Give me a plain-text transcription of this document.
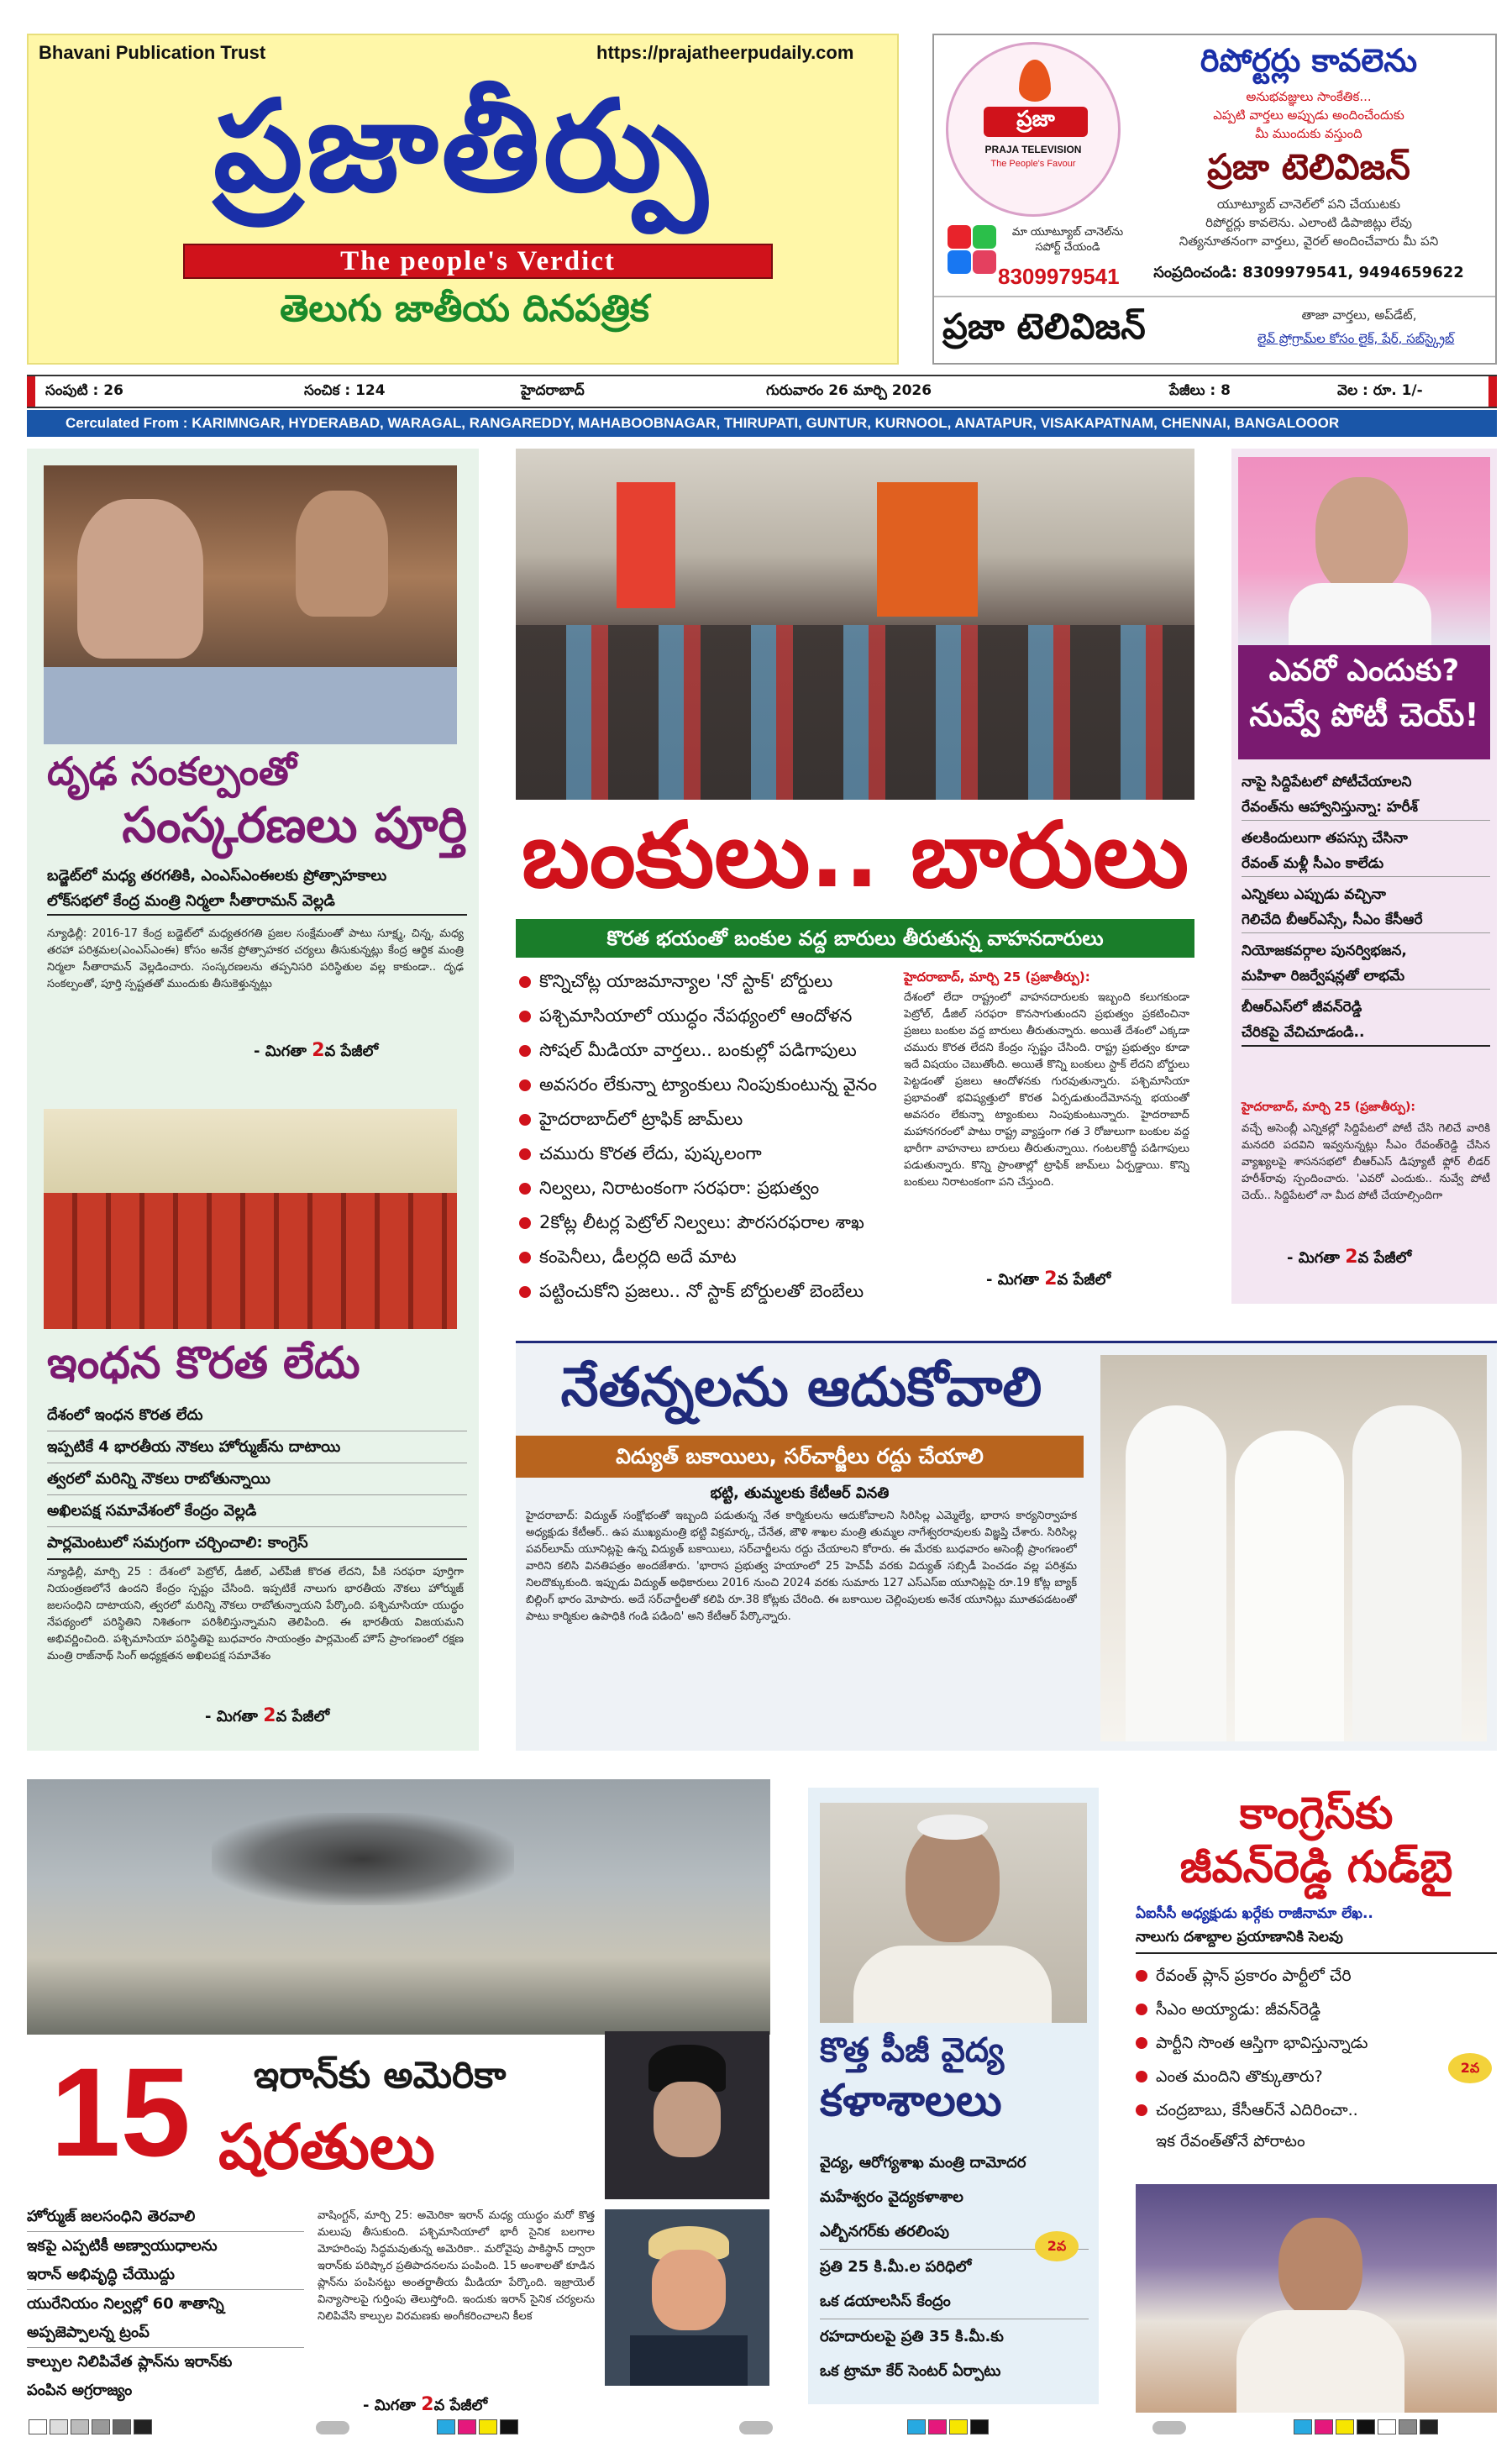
Bhavani Publication Trust	https://prajatheerpudaily.com
ప్రజాతీర్పు
The people's Verdict
తెలుగు జాతీయ దినపత్రిక
ప్రజా
PRAJA TELEVISION
The People's Favour
రిపోర్టర్లు కావలెను
అనుభవజ్ఞులు సాంకేతిక...
ఎప్పటి వార్తలు అప్పుడు అందించేందుకు
మీ ముందుకు వస్తుంది
ప్రజా టెలివిజన్
యూట్యూబ్ చానెల్‌లో పని చేయుటకు
రిపోర్టర్లు కావలెను. ఎలాంటి డిపాజిట్లు లేవు
నిత్యనూతనంగా వార్తలు, వైరల్ అందించేవారు మీ పని
మా యూట్యూబ్ చానెల్‌ను సపోర్ట్ చేయండి
8309979541	సంప్రదించండి: 8309979541, 9494659622
ప్రజా టెలివిజన్	తాజా వార్తలు, అప్‌డేట్,
లైవ్ ప్రోగ్రామ్‌ల కోసం లైక్, షేర్, సబ్‌స్క్రైబ్
సంపుటి : 26	సంచిక : 124	హైదరాబాద్	గురువారం 26 మార్చి 2026	పేజీలు : 8	వెల : రూ. 1/-
Cerculated From : KARIMNGAR, HYDERABAD, WARAGAL, RANGAREDDY, MAHABOOBNAGAR, THIRUPATI, GUNTUR, KURNOOL, ANATAPUR, VISAKAPATNAM, CHENNAI, BANGALOOOR
దృఢ సంకల్పంతో
సంస్కరణలు పూర్తి
బడ్జెట్‌లో మధ్య తరగతికి, ఎంఎస్‌ఎంఈలకు ప్రోత్సాహకాలు
లోక్‌సభలో కేంద్ర మంత్రి నిర్మలా సీతారామన్ వెల్లడి
న్యూఢిల్లీ: 2016-17 కేంద్ర బడ్జెట్‌లో మధ్యతరగతి ప్రజల సంక్షేమంతో పాటు సూక్ష్మ, చిన్న, మధ్య తరహా పరిశ్రమల(ఎంఎస్‌ఎంఈ) కోసం అనేక ప్రోత్సాహకర చర్యలు తీసుకున్నట్లు కేంద్ర ఆర్థిక మంత్రి నిర్మలా సీతారామన్ వెల్లడించారు. సంస్కరణలను తప్పనిసరి పరిస్థితుల వల్ల కాకుండా.. దృఢ సంకల్పంతో, పూర్తి స్పష్టతతో ముందుకు తీసుకెళ్తున్నట్లు
- మిగతా 2వ పేజీలో
ఇంధన కొరత లేదు
దేశంలో ఇంధన కొరత లేదు
ఇప్పటికే 4 భారతీయ నౌకలు హోర్ముజ్‌ను దాటాయి
త్వరలో మరిన్ని నౌకలు రాబోతున్నాయి
అఖిలపక్ష సమావేశంలో కేంద్రం వెల్లడి
పార్లమెంటులో సమగ్రంగా చర్చించాలి: కాంగ్రెస్
న్యూఢిల్లీ, మార్చి 25 : దేశంలో పెట్రోల్, డీజిల్, ఎల్‌పీజీ కొరత లేదని, పీకి సరఫరా పూర్తిగా నియంత్రణలోనే ఉందని కేంద్రం స్పష్టం చేసింది. ఇప్పటికే నాలుగు భారతీయ నౌకలు హోర్ముజ్ జలసంధిని దాటాయని, త్వరలో మరిన్ని నౌకలు రాబోతున్నాయని పేర్కొంది. పశ్చిమాసియా యుద్ధం నేపథ్యంలో పరిస్థితిని నిశితంగా పరిశీలిస్తున్నామని తెలిపింది. ఈ భారతీయ విజయమని అభివర్ణించింది. పశ్చిమాసియా పరిస్థితిపై బుధవారం సాయంత్రం పార్లమెంట్ హౌస్ ప్రాంగణంలో రక్షణ మంత్రి రాజ్‌నాథ్ సింగ్ అధ్యక్షతన అఖిలపక్ష సమావేశం
- మిగతా 2వ పేజీలో
బంకులు.. బారులు
కొరత భయంతో బంకుల వద్ద బారులు తీరుతున్న వాహనదారులు
కొన్నిచోట్ల యాజమాన్యాల 'నో స్టాక్' బోర్డులు
పశ్చిమాసియాలో యుద్ధం నేపథ్యంలో ఆందోళన
సోషల్ మీడియా వార్తలు.. బంకుల్లో పడిగాపులు
అవసరం లేకున్నా ట్యాంకులు నింపుకుంటున్న వైనం
హైదరాబాద్‌లో ట్రాఫిక్ జామ్‌లు
చమురు కొరత లేదు, పుష్కలంగా
నిల్వలు, నిరాటంకంగా సరఫరా: ప్రభుత్వం
2కోట్ల లీటర్ల పెట్రోల్ నిల్వలు: పౌరసరఫరాల శాఖ
కంపెనీలు, డీలర్లది అదే మాట
పట్టించుకోని ప్రజలు.. నో స్టాక్ బోర్డులతో బెంబేలు
హైదరాబాద్, మార్చి 25 (ప్రజాతీర్పు):
దేశంలో లేదా రాష్ట్రంలో వాహనదారులకు ఇబ్బంది కలుగకుండా పెట్రోల్, డీజిల్ సరఫరా కొనసాగుతుందని ప్రభుత్వం ప్రకటించినా ప్రజలు బంకుల వద్ద బారులు తీరుతున్నారు. అయితే దేశంలో ఎక్కడా చమురు కొరత లేదని కేంద్రం స్పష్టం చేసింది. రాష్ట్ర ప్రభుత్వం కూడా ఇదే విషయం చెబుతోంది. అయితే కొన్ని బంకులు స్టాక్ లేదని బోర్డులు పెట్టడంతో ప్రజలు ఆందోళనకు గురవుతున్నారు. పశ్చిమాసియా ప్రభావంతో భవిష్యత్తులో కొరత ఏర్పడుతుందేమోనన్న భయంతో అవసరం లేకున్నా ట్యాంకులు నింపుకుంటున్నారు. హైదరాబాద్ మహానగరంలో పాటు రాష్ట్ర వ్యాప్తంగా గత 3 రోజులుగా బంకుల వద్ద భారీగా వాహనాలు బారులు తీరుతున్నాయి. గంటలకొద్దీ పడిగాపులు పడుతున్నారు. కొన్ని ప్రాంతాల్లో ట్రాఫిక్ జామ్‌లు ఏర్పడ్డాయి. కొన్ని బంకులు నిరాటంకంగా పని చేస్తుంది.
- మిగతా 2వ పేజీలో
ఎవరో ఎందుకు?
నువ్వే పోటీ చెయ్!
నాపై సిద్దిపేటలో పోటీచేయాలని
రేవంత్‌ను ఆహ్వానిస్తున్నా: హరీశ్
తలకిందులుగా తపస్సు చేసినా
రేవంత్ మళ్లీ సీఎం కాలేడు
ఎన్నికలు ఎప్పుడు వచ్చినా
గెలిచేది బీఆర్‌ఎస్సే, సీఎం కేసీఆరే
నియోజకవర్గాల పునర్విభజన,
మహిళా రిజర్వేషన్లతో లాభమే
బీఆర్‌ఎస్‌లో జీవన్‌రెడ్డి
చేరికపై వేచిచూడండి..
హైదరాబాద్, మార్చి 25 (ప్రజాతీర్పు):
వచ్చే అసెంబ్లీ ఎన్నికల్లో సిద్దిపేటలో పోటీ చేసి గెలిచే వారికి మనదరి పదవిని ఇవ్వనున్నట్లు సీఎం రేవంత్‌రెడ్డి చేసిన వ్యాఖ్యలపై శాసనసభలో బీఆర్‌ఎస్ డిప్యూటీ ఫ్లోర్ లీడర్ హరీశ్‌రావు స్పందించారు. 'ఎవరో ఎందుకు.. నువ్వే పోటీ చెయ్.. సిద్దిపేటలో నా మీద పోటీ చేయాల్సిందిగా
- మిగతా 2వ పేజీలో
నేతన్నలను ఆదుకోవాలి
విద్యుత్ బకాయిలు, సర్‌చార్జీలు రద్దు చేయాలి
భట్టి, తుమ్మలకు కేటీఆర్ వినతి
హైదరాబాద్: విద్యుత్ సంక్షోభంతో ఇబ్బంది పడుతున్న నేత కార్మికులను ఆదుకోవాలని సిరిసిల్ల ఎమ్మెల్యే, భారాస కార్యనిర్వాహక అధ్యక్షుడు కేటీఆర్.. ఉప ముఖ్యమంత్రి భట్టి విక్రమార్క, చేనేత, జౌళి శాఖల మంత్రి తుమ్మల నాగేశ్వరరావులకు విజ్ఞప్తి చేశారు. సిరిసిల్ల పవర్‌లూమ్ యూనిట్లపై ఉన్న విద్యుత్ బకాయిలు, సర్‌చార్జీలను రద్దు చేయాలని కోరారు. ఈ మేరకు బుధవారం అసెంబ్లీ ప్రాంగణంలో వారిని కలిసి వినతిపత్రం అందజేశారు. 'భారాస ప్రభుత్వ హయాంలో 25 హెచ్‌పీ వరకు విద్యుత్ సబ్సిడీ పెంచడం వల్ల పరిశ్రమ నిలదొక్కుకుంది. ఇప్పుడు విద్యుత్ అధికారులు 2016 నుంచి 2024 వరకు సుమారు 127 ఎస్‌ఎస్‌ఐ యూనిట్లపై రూ.19 కోట్ల బ్యాక్ బిల్లింగ్ భారం మోపారు. అదే సర్‌చార్జీలతో కలిపి రూ.38 కోట్లకు చేరింది. ఈ బకాయిల చెల్లింపులకు అనేక యూనిట్లు మూతపడటంతో పాటు కార్మికుల ఉపాధికి గండి పడింది' అని కేటీఆర్ పేర్కొన్నారు.
ఇరాన్‌కు అమెరికా
15 షరతులు
హోర్ముజ్ జలసంధిని తెరవాలి
ఇకపై ఎప్పటికీ అణ్వాయుధాలను
ఇరాన్ అభివృద్ధి చేయొద్దు
యురేనియం నిల్వల్లో 60 శాతాన్ని
అప్పజెప్పాలన్న ట్రంప్
కాల్పుల నిలిపివేత ప్లాన్‌ను ఇరాన్‌కు
పంపిన అగ్రరాజ్యం
వాషింగ్టన్, మార్చి 25: అమెరికా ఇరాన్ మధ్య యుద్ధం మరో కొత్త మలుపు తీసుకుంది. పశ్చిమాసియాలో భారీ సైనిక బలగాల మోహరింపు సిద్ధమవుతున్న అమెరికా.. మరోవైపు పాకిస్థాన్ ద్వారా ఇరాన్‌కు పరిష్కార ప్రతిపాదనలను పంపింది. 15 అంశాలతో కూడిన ప్లాన్‌ను పంపినట్టు అంతర్జాతీయ మీడియా పేర్కొంది. ఇజ్రాయెల్ విన్యాసాలపై గుర్తింపు తెలుస్తోంది. ఇందుకు ఇరాన్ సైనిక చర్యలను నిలిపివేసి కాల్పుల విరమణకు అంగీకరించాలని కీలక
- మిగతా 2వ పేజీలో
కొత్త పీజీ వైద్య
కళాశాలలు
వైద్య, ఆరోగ్యశాఖ మంత్రి దామోదర
మహేశ్వరం వైద్యకళాశాల
ఎల్బీనగర్‌కు తరలింపు
ప్రతి 25 కి.మీ.ల పరిధిలో
ఒక డయాలసిస్ కేంద్రం
రహదారులపై ప్రతి 35 కి.మీ.కు
ఒక ట్రామా కేర్ సెంటర్ ఏర్పాటు
2వ
కాంగ్రెస్‌కు
జీవన్‌రెడ్డి గుడ్‌బై
ఏఐసీసీ అధ్యక్షుడు ఖర్గేకు రాజీనామా లేఖ..
నాలుగు దశాబ్దాల ప్రయాణానికి సెలవు
రేవంత్ ప్లాన్ ప్రకారం పార్టీలో చేరి
సీఎం అయ్యాడు: జీవన్‌రెడ్డి
పార్టీని సొంత ఆస్తిగా భావిస్తున్నాడు
ఎంత మందిని తొక్కుతారు?
చంద్రబాబు, కేసీఆర్‌నే ఎదిరించా..
ఇక రేవంత్‌తోనే పోరాటం
2వ
